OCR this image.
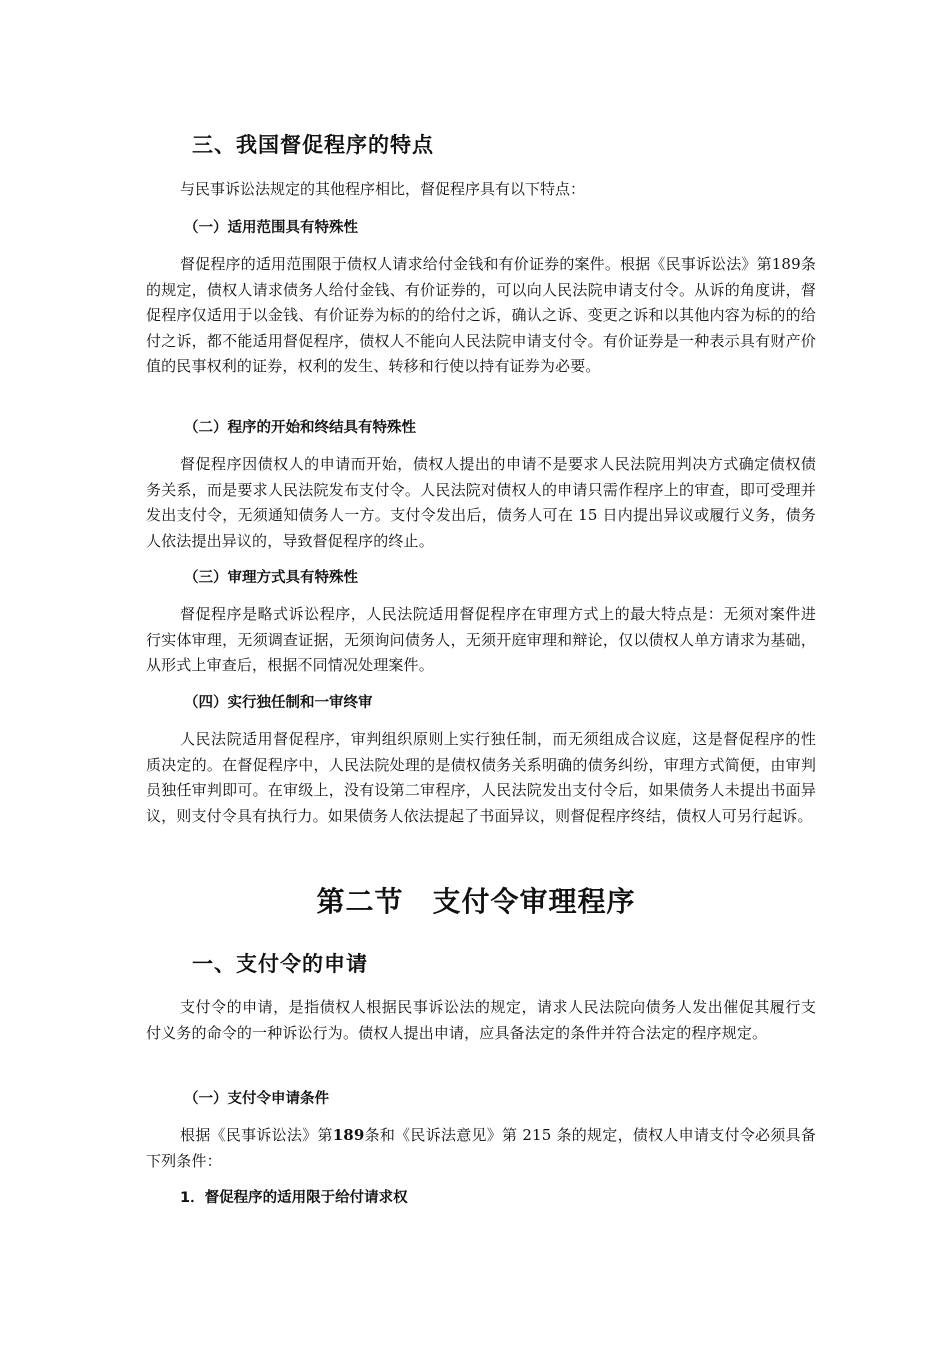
三、我国督促程序的特点
与民事诉讼法规定的其他程序相比，督促程序具有以下特点：
（一）适用范围具有特殊性
督促程序的适用范围限于债权人请求给付金钱和有价证券的案件。根据《民事诉讼法》第189条的规定，债权人请求债务人给付金钱、有价证券的，可以向人民法院申请支付令。从诉的角度讲，督促程序仅适用于以金钱、有价证券为标的的给付之诉，确认之诉、变更之诉和以其他内容为标的的给付之诉，都不能适用督促程序，债权人不能向人民法院申请支付令。有价证券是一种表示具有财产价值的民事权利的证券，权利的发生、转移和行使以持有证券为必要。
（二）程序的开始和终结具有特殊性
督促程序因债权人的申请而开始，债权人提出的申请不是要求人民法院用判决方式确定债权债务关系，而是要求人民法院发布支付令。人民法院对债权人的申请只需作程序上的审查，即可受理并发出支付令，无须通知债务人一方。支付令发出后，债务人可在 15 日内提出异议或履行义务，债务人依法提出异议的，导致督促程序的终止。
（三）审理方式具有特殊性
督促程序是略式诉讼程序，人民法院适用督促程序在审理方式上的最大特点是：无须对案件进行实体审理，无须调查证据，无须询问债务人，无须开庭审理和辩论，仅以债权人单方请求为基础，从形式上审查后，根据不同情况处理案件。
（四）实行独任制和一审终审
人民法院适用督促程序，审判组织原则上实行独任制，而无须组成合议庭，这是督促程序的性质决定的。在督促程序中，人民法院处理的是债权债务关系明确的债务纠纷，审理方式简便，由审判员独任审判即可。在审级上，没有设第二审程序，人民法院发出支付令后，如果债务人未提出书面异议，则支付令具有执行力。如果债务人依法提起了书面异议，则督促程序终结，债权人可另行起诉。
第二节　支付令审理程序
一、支付令的申请
支付令的申请，是指债权人根据民事诉讼法的规定，请求人民法院向债务人发出催促其履行支付义务的命令的一种诉讼行为。债权人提出申请，应具备法定的条件并符合法定的程序规定。
（一）支付令申请条件
根据《民事诉讼法》第189条和《民诉法意见》第 215 条的规定，债权人申请支付令必须具备下列条件：
1．督促程序的适用限于给付请求权
